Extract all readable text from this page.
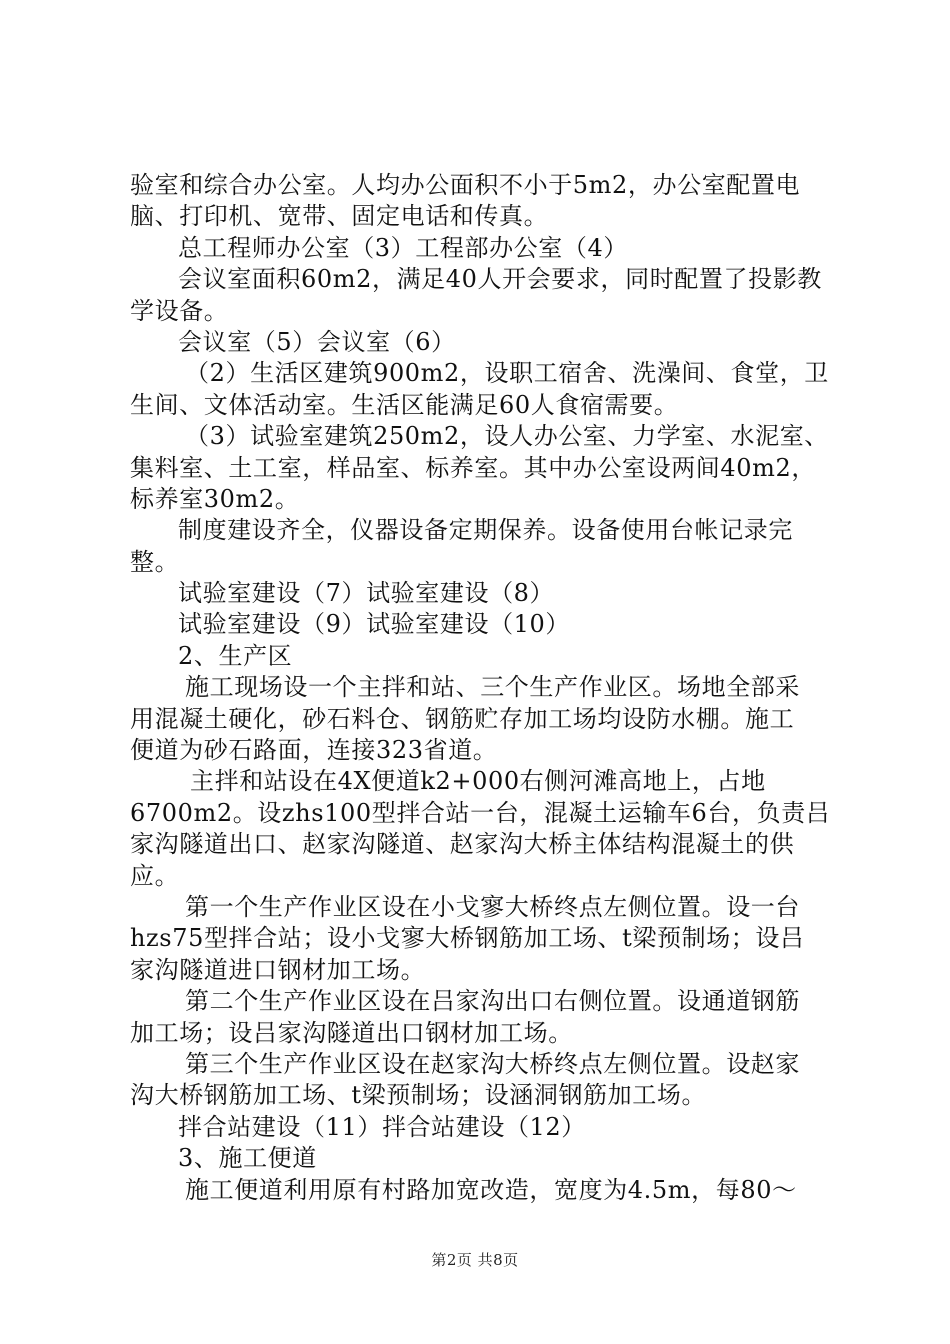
验室和综合办公室。人均办公面积不小于5m2，办公室配置电
脑、打印机、宽带、固定电话和传真。
总工程师办公室（3）工程部办公室（4）
会议室面积60m2，满足40人开会要求，同时配置了投影教
学设备。
会议室（5）会议室（6）
（2）生活区建筑900m2，设职工宿舍、洗澡间、食堂，卫
生间、文体活动室。生活区能满足60人食宿需要。
（3）试验室建筑250m2，设人办公室、力学室、水泥室、
集料室、土工室，样品室、标养室。其中办公室设两间40m2，
标养室30m2。
制度建设齐全，仪器设备定期保养。设备使用台帐记录完
整。
试验室建设（7）试验室建设（8）
试验室建设（9）试验室建设（10）
2、生产区
施工现场设一个主拌和站、三个生产作业区。场地全部采
用混凝土硬化，砂石料仓、钢筋贮存加工场均设防水棚。施工
便道为砂石路面，连接323省道。
主拌和站设在4X便道k2+000右侧河滩高地上，占地
6700m2。设zhs100型拌合站一台，混凝土运输车6台，负责吕
家沟隧道出口、赵家沟隧道、赵家沟大桥主体结构混凝土的供
应。
第一个生产作业区设在小戈寥大桥终点左侧位置。设一台
hzs75型拌合站；设小戈寥大桥钢筋加工场、t梁预制场；设吕
家沟隧道进口钢材加工场。
第二个生产作业区设在吕家沟出口右侧位置。设通道钢筋
加工场；设吕家沟隧道出口钢材加工场。
第三个生产作业区设在赵家沟大桥终点左侧位置。设赵家
沟大桥钢筋加工场、t梁预制场；设涵洞钢筋加工场。
拌合站建设（11）拌合站建设（12）
3、施工便道
施工便道利用原有村路加宽改造，宽度为4.5m，每80～
第2页 共8页
